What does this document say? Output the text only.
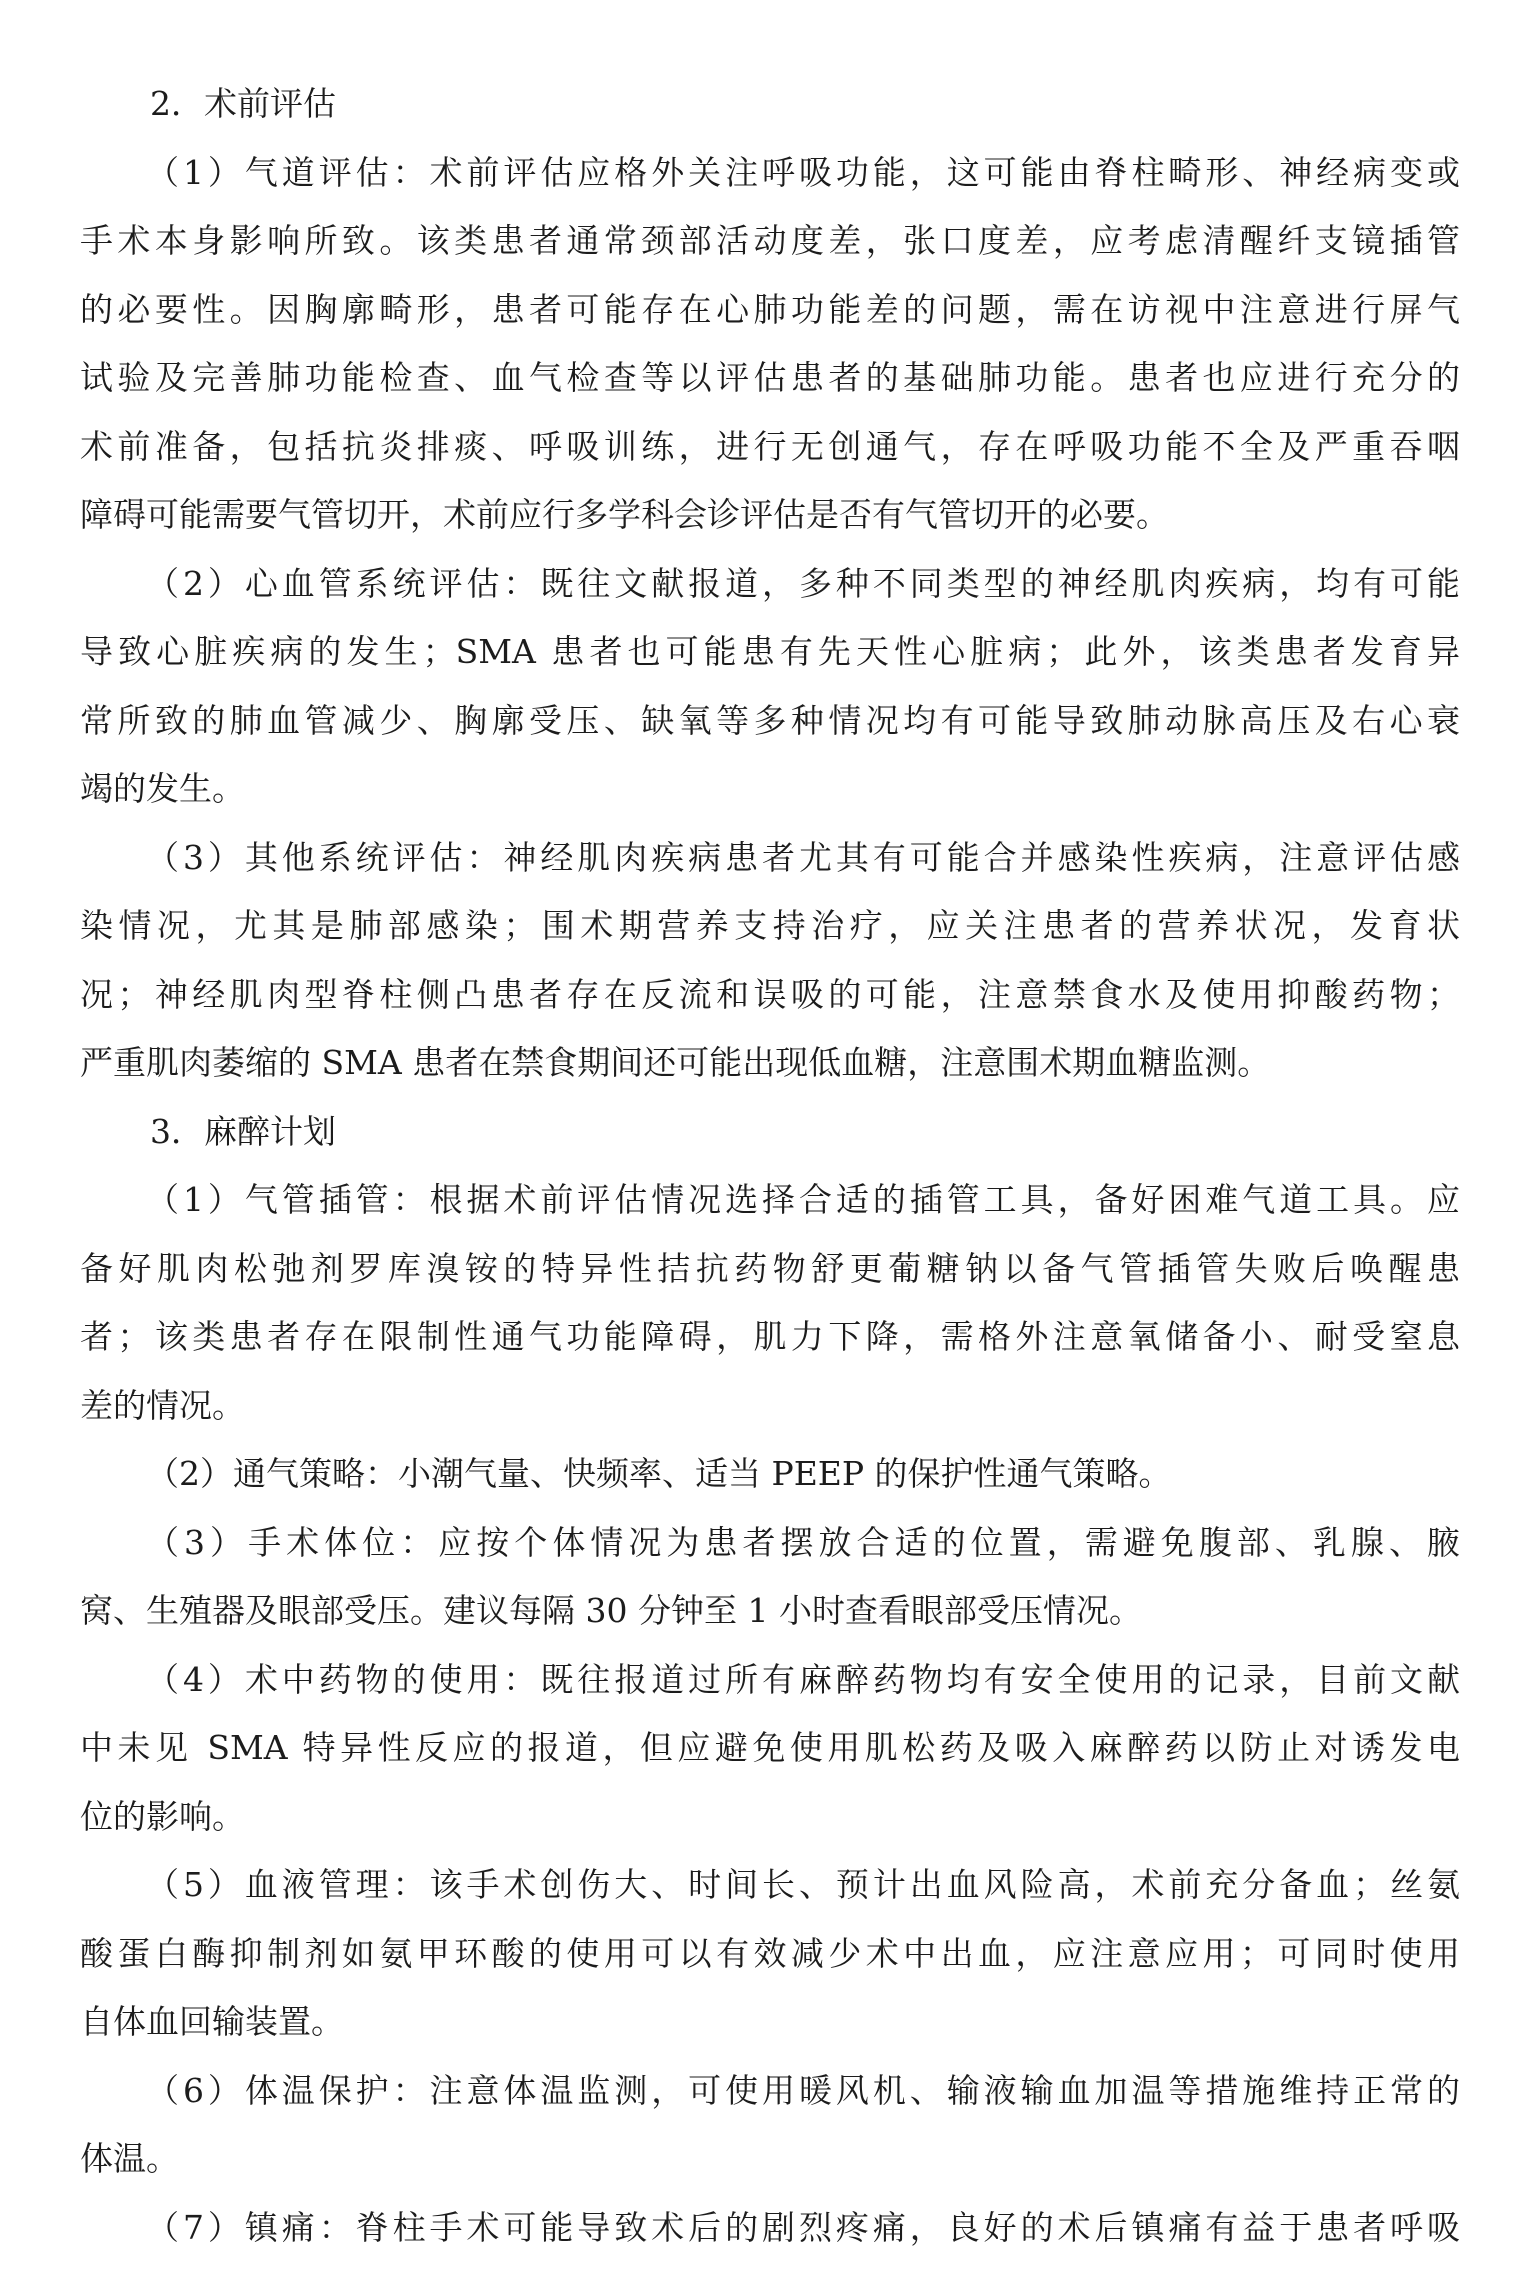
2．术前评估
（1）气道评估：术前评估应格外关注呼吸功能，这可能由脊柱畸形、神经病变或
手术本身影响所致。该类患者通常颈部活动度差，张口度差，应考虑清醒纤支镜插管
的必要性。因胸廓畸形，患者可能存在心肺功能差的问题，需在访视中注意进行屏气
试验及完善肺功能检查、血气检查等以评估患者的基础肺功能。患者也应进行充分的
术前准备，包括抗炎排痰、呼吸训练，进行无创通气，存在呼吸功能不全及严重吞咽
障碍可能需要气管切开，术前应行多学科会诊评估是否有气管切开的必要。
（2）心血管系统评估：既往文献报道，多种不同类型的神经肌肉疾病，均有可能
导致心脏疾病的发生；SMA 患者也可能患有先天性心脏病；此外，该类患者发育异
常所致的肺血管减少、胸廓受压、缺氧等多种情况均有可能导致肺动脉高压及右心衰
竭的发生。
（3）其他系统评估：神经肌肉疾病患者尤其有可能合并感染性疾病，注意评估感
染情况，尤其是肺部感染；围术期营养支持治疗，应关注患者的营养状况，发育状
况；神经肌肉型脊柱侧凸患者存在反流和误吸的可能，注意禁食水及使用抑酸药物；
严重肌肉萎缩的 SMA 患者在禁食期间还可能出现低血糖，注意围术期血糖监测。
3．麻醉计划
（1）气管插管：根据术前评估情况选择合适的插管工具，备好困难气道工具。应
备好肌肉松弛剂罗库溴铵的特异性拮抗药物舒更葡糖钠以备气管插管失败后唤醒患
者；该类患者存在限制性通气功能障碍，肌力下降，需格外注意氧储备小、耐受窒息
差的情况。
（2）通气策略：小潮气量、快频率、适当 PEEP 的保护性通气策略。
（3）手术体位：应按个体情况为患者摆放合适的位置，需避免腹部、乳腺、腋
窝、生殖器及眼部受压。建议每隔 30 分钟至 1 小时查看眼部受压情况。
（4）术中药物的使用：既往报道过所有麻醉药物均有安全使用的记录，目前文献
中未见 SMA 特异性反应的报道，但应避免使用肌松药及吸入麻醉药以防止对诱发电
位的影响。
（5）血液管理：该手术创伤大、时间长、预计出血风险高，术前充分备血；丝氨
酸蛋白酶抑制剂如氨甲环酸的使用可以有效减少术中出血，应注意应用；可同时使用
自体血回输装置。
（6）体温保护：注意体温监测，可使用暖风机、输液输血加温等措施维持正常的
体温。
（7）镇痛：脊柱手术可能导致术后的剧烈疼痛，良好的术后镇痛有益于患者呼吸
